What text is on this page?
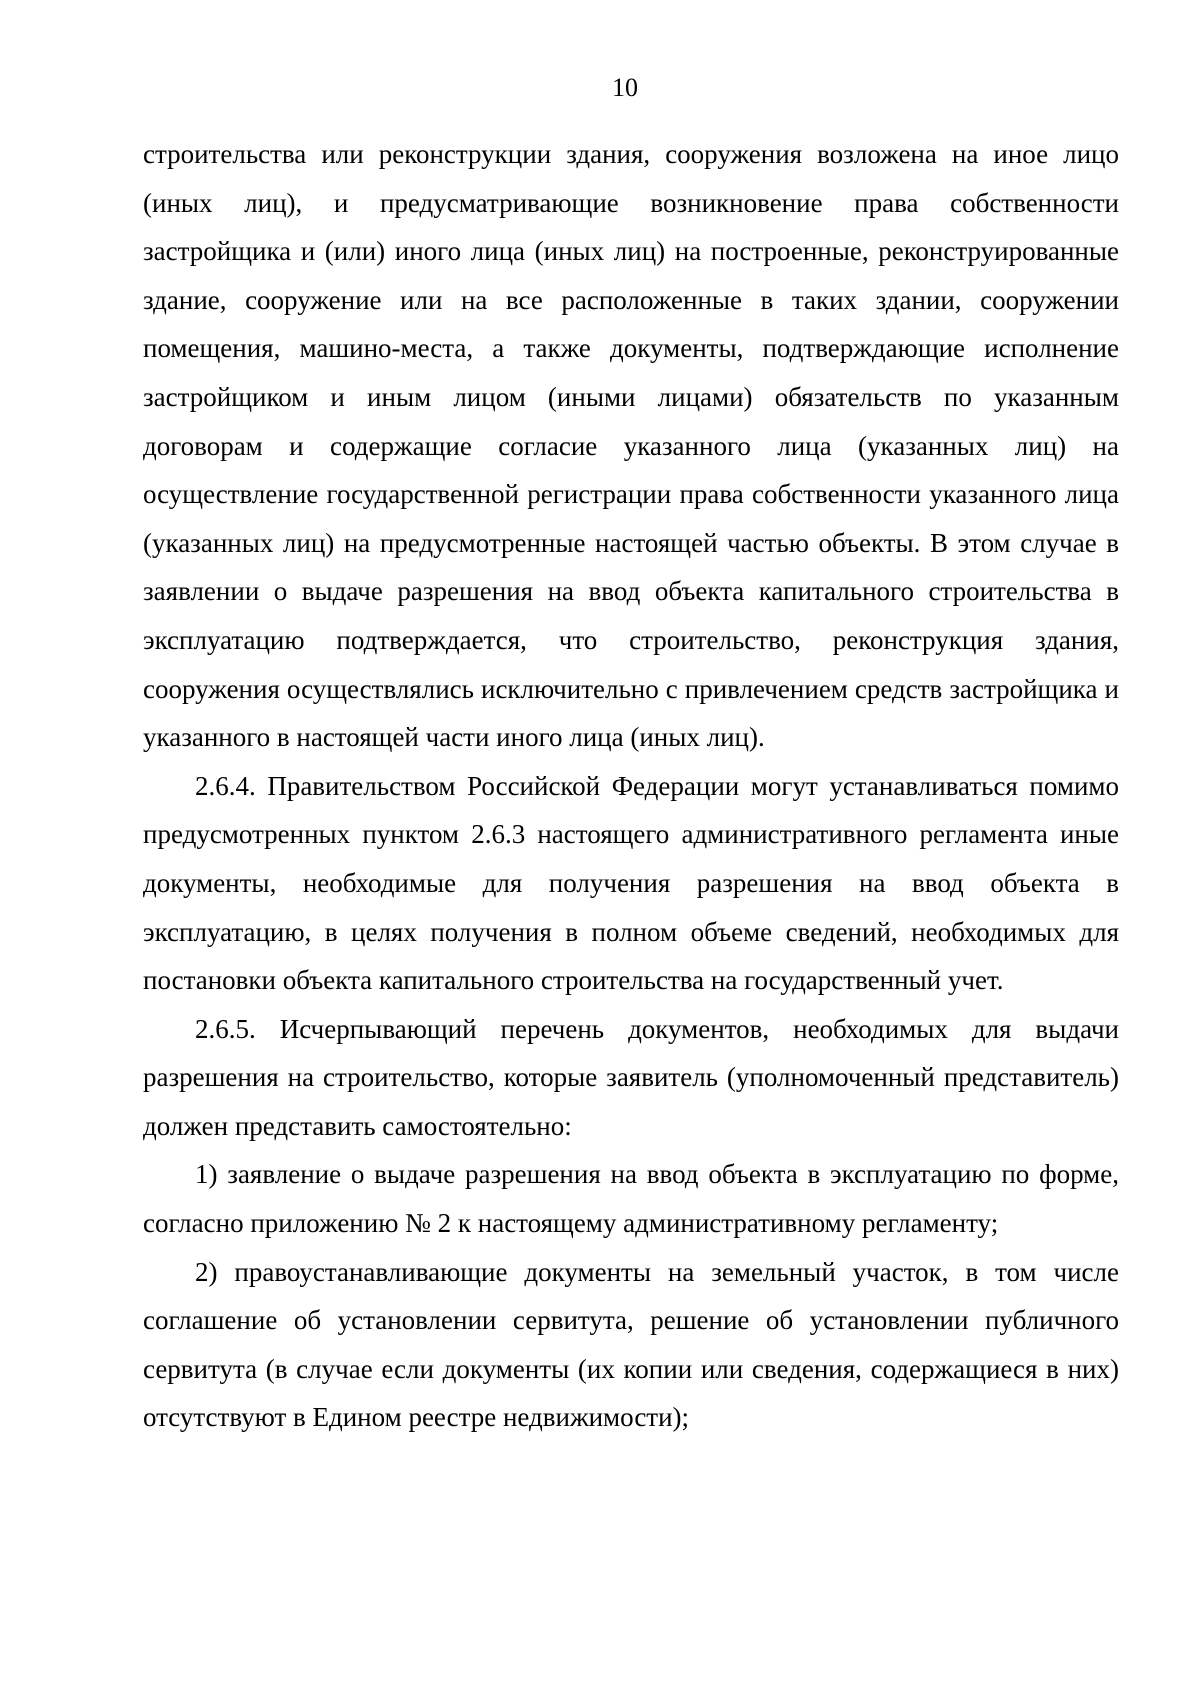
10

строительства или реконструкции здания, сооружения возложена на иное лицо (иных лиц), и предусматривающие возникновение права собственности застройщика и (или) иного лица (иных лиц) на построенные, реконструированные здание, сооружение или на все расположенные в таких здании, сооружении помещения, машино-места, а также документы, подтверждающие исполнение застройщиком и иным лицом (иными лицами) обязательств по указанным договорам и содержащие согласие указанного лица (указанных лиц) на осуществление государственной регистрации права собственности указанного лица (указанных лиц) на предусмотренные настоящей частью объекты. В этом случае в заявлении о выдаче разрешения на ввод объекта капитального строительства в эксплуатацию подтверждается, что строительство, реконструкция здания, сооружения осуществлялись исключительно с привлечением средств застройщика и указанного в настоящей части иного лица (иных лиц).

2.6.4. Правительством Российской Федерации могут устанавливаться помимо предусмотренных пунктом 2.6.3 настоящего административного регламента иные документы, необходимые для получения разрешения на ввод объекта в эксплуатацию, в целях получения в полном объеме сведений, необходимых для постановки объекта капитального строительства на государственный учет.

2.6.5. Исчерпывающий перечень документов, необходимых для выдачи разрешения на строительство, которые заявитель (уполномоченный представитель) должен представить самостоятельно:

1) заявление о выдаче разрешения на ввод объекта в эксплуатацию по форме, согласно приложению № 2 к настоящему административному регламенту;

2) правоустанавливающие документы на земельный участок, в том числе соглашение об установлении сервитута, решение об установлении публичного сервитута (в случае если документы (их копии или сведения, содержащиеся в них) отсутствуют в Едином реестре недвижимости);
